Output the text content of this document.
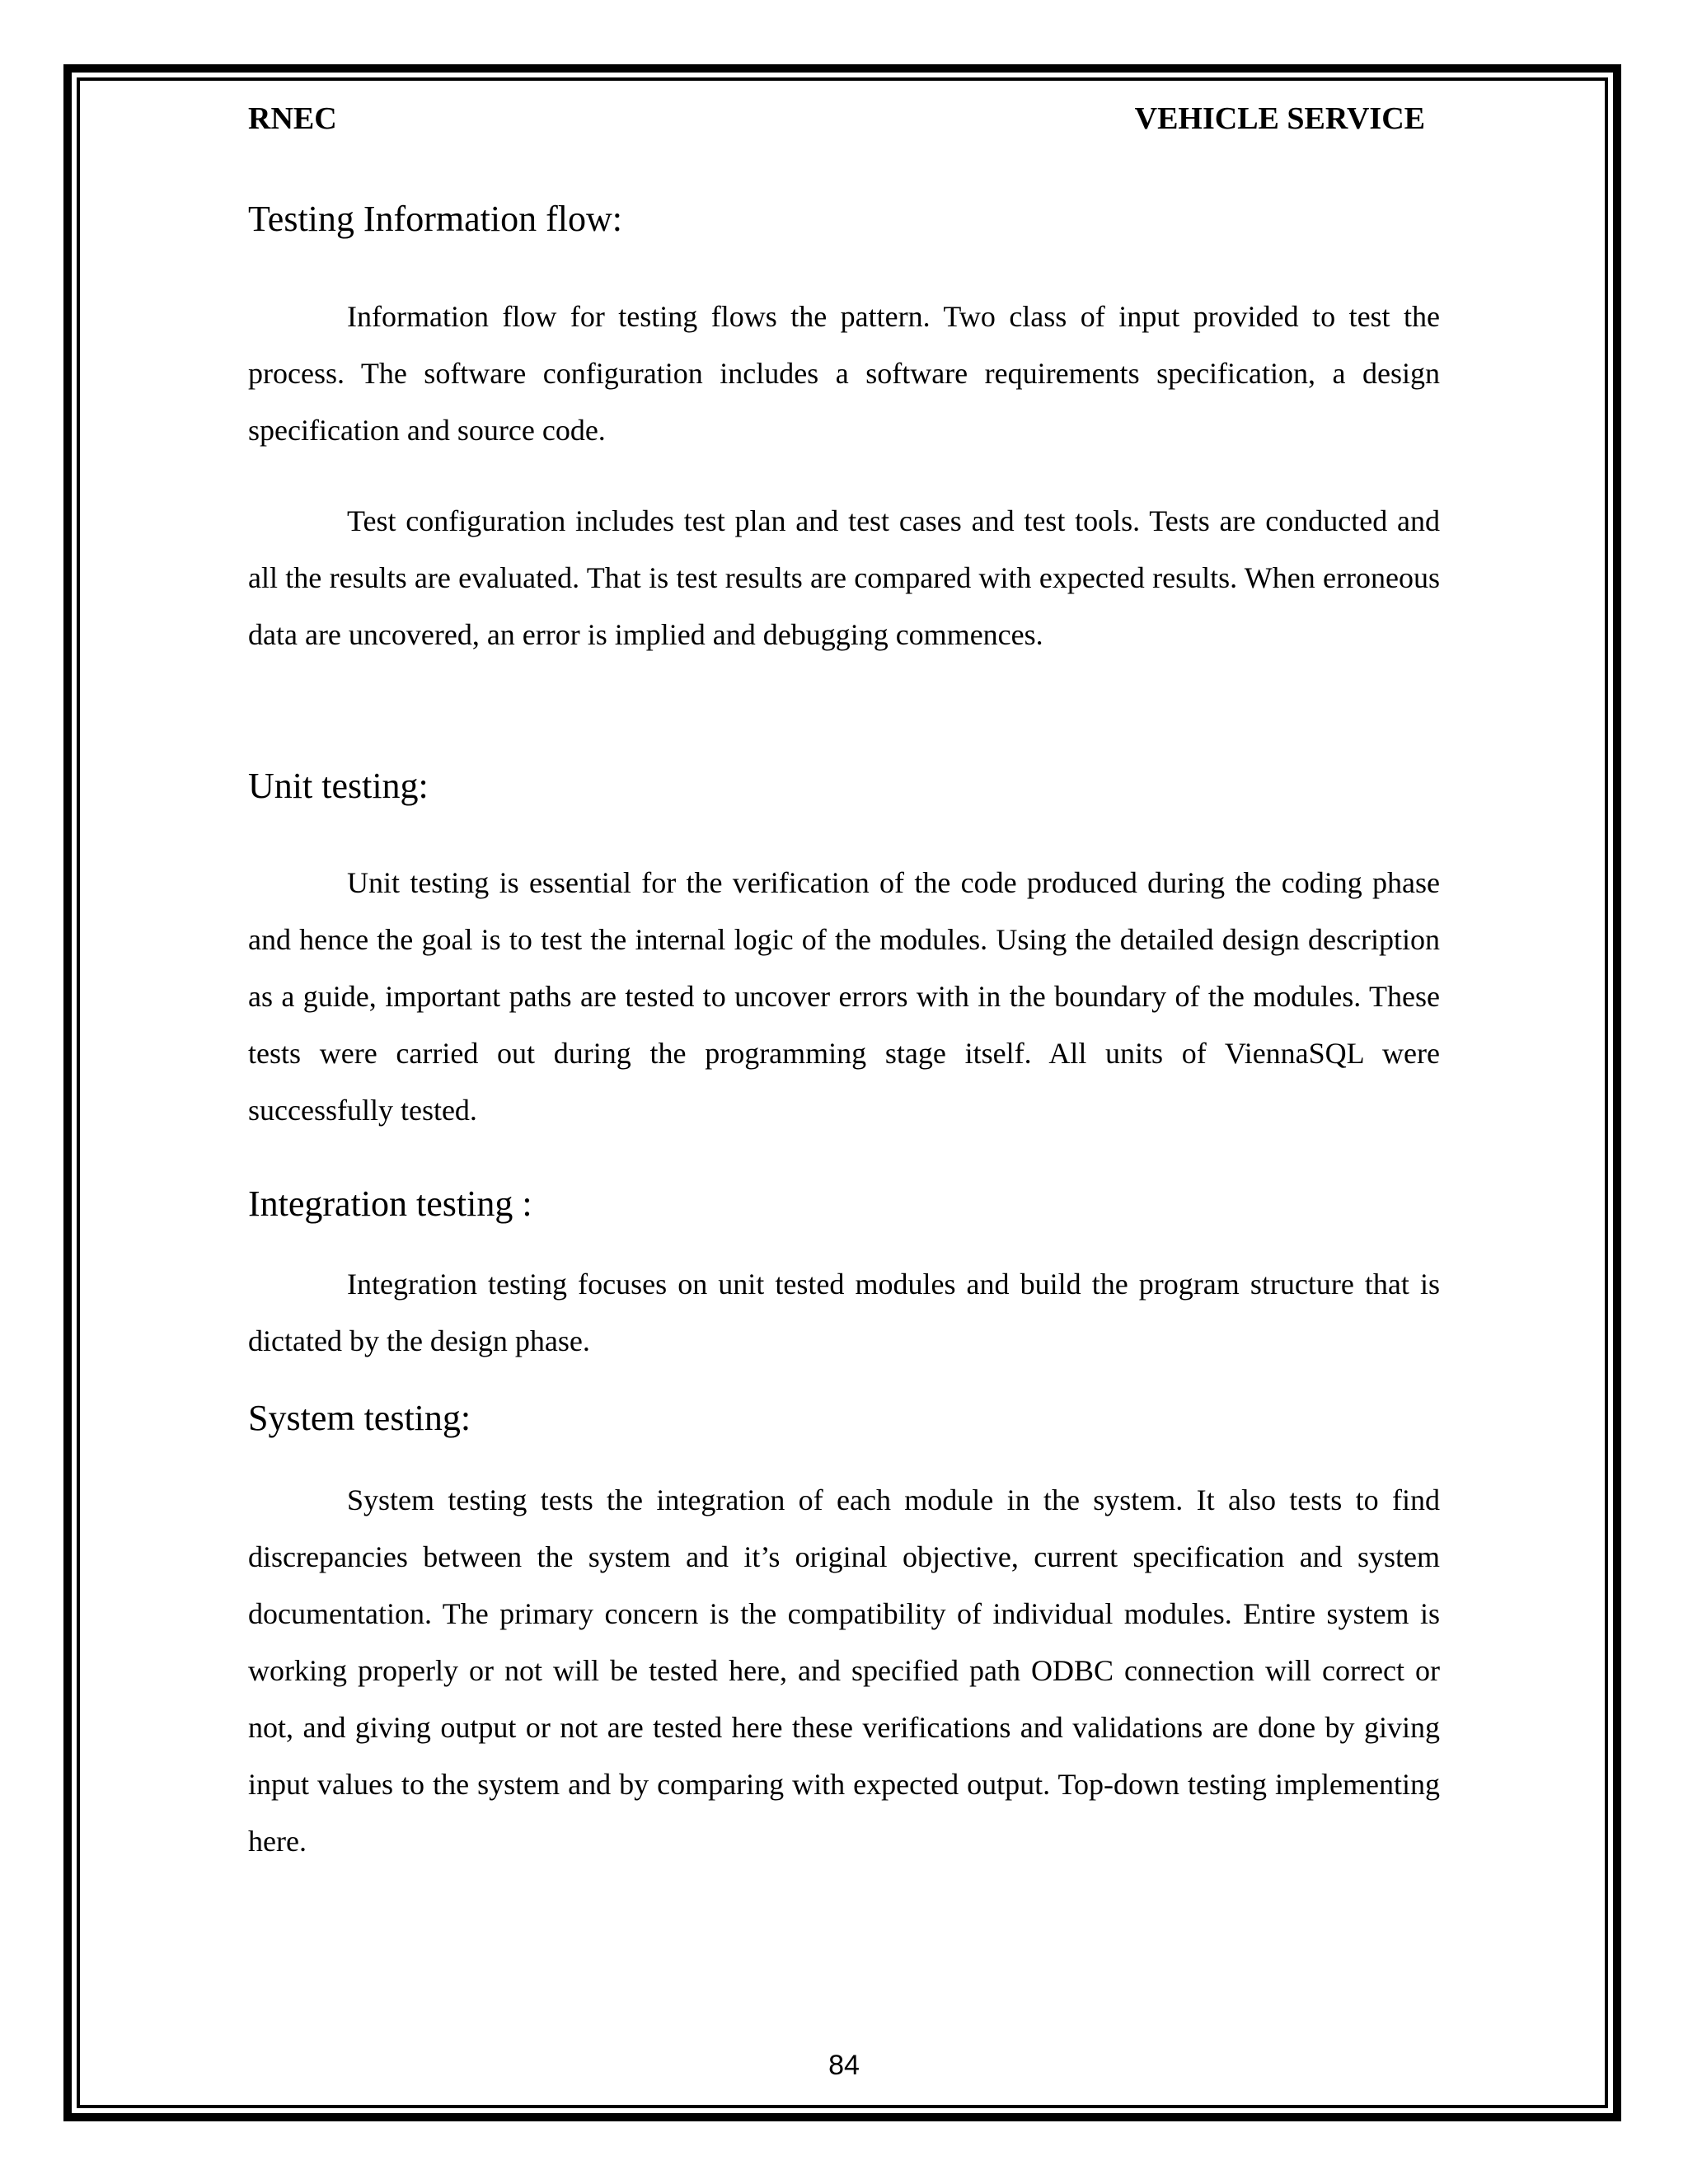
RNEC	VEHICLE SERVICE
Testing Information flow:
Information flow for testing flows the pattern. Two class of input provided to test the process. The software configuration includes a software requirements specification, a design specification and source code.
Test configuration includes test plan and test cases and test tools. Tests are conducted and all the results are evaluated. That is test results are compared with expected results. When erroneous data are uncovered, an error is implied and debugging commences.
Unit testing:
Unit testing is essential for the verification of the code produced during the coding phase and hence the goal is to test the internal logic of the modules. Using the detailed design description as a guide, important paths are tested to uncover errors with in the boundary of the modules. These tests were carried out during the programming stage itself. All units of ViennaSQL were successfully tested.
Integration testing :
Integration testing focuses on unit tested modules and build the program structure that is dictated by the design phase.
System testing:
System testing tests the integration of each module in the system. It also tests to find discrepancies between the system and it’s original objective, current specification and system documentation. The primary concern is the compatibility of individual modules. Entire system is working properly or not will be tested here, and specified path ODBC connection will correct or not, and giving output or not are tested here these verifications and validations are done by giving input values to the system and by comparing with expected output. Top-down testing implementing here.
84
